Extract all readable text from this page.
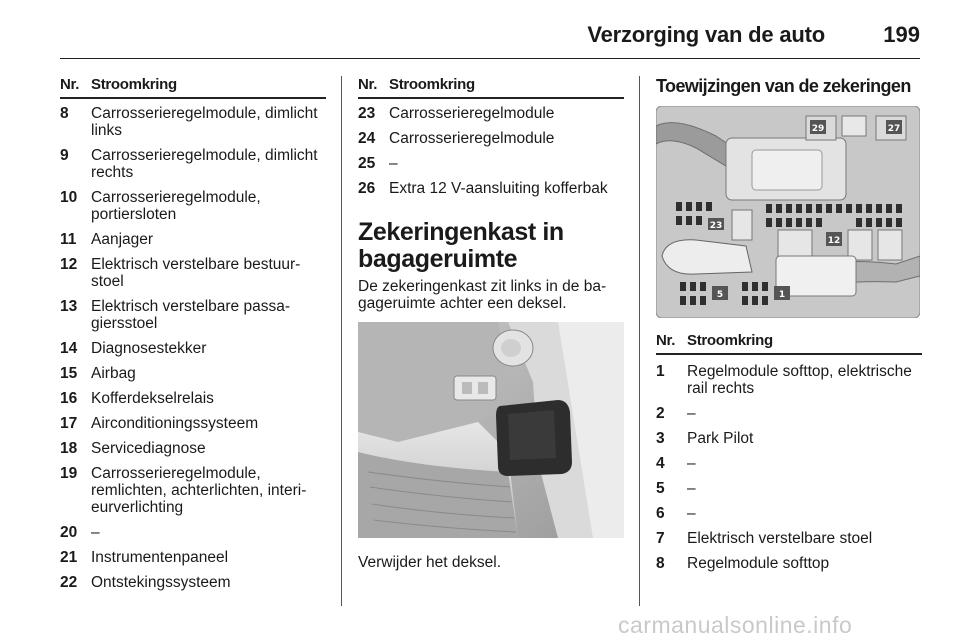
Verzorging van de auto	199
Nr. Stroomkring
8	Carrosserieregelmodule, dimlicht links
9	Carrosserieregelmodule, dimlicht rechts
10	Carrosserieregelmodule, portiersloten
11	Aanjager
12	Elektrisch verstelbare bestuurstoel
13	Elektrisch verstelbare passagiersstoel
14	Diagnosestekker
15	Airbag
16	Kofferdekselrelais
17	Airconditioningssysteem
18	Servicediagnose
19	Carrosserieregelmodule, remlichten, achterlichten, interieurverlichting
20	–
21	Instrumentenpaneel
22	Ontstekingssysteem
Nr. Stroomkring
23	Carrosserieregelmodule
24	Carrosserieregelmodule
25	–
26	Extra 12 V-aansluiting kofferbak
Zekeringenkast in
bagageruimte
De zekeringenkast zit links in de bagageruimte achter een deksel.
Verwijder het deksel.
Toewijzingen van de zekeringen
29	27
23
12
5	1
Nr. Stroomkring
1	Regelmodule softtop, elektrische rail rechts
2	–
3	Park Pilot
4	–
5	–
6	–
7	Elektrisch verstelbare stoel
8	Regelmodule softtop
carmanualsonline.info
